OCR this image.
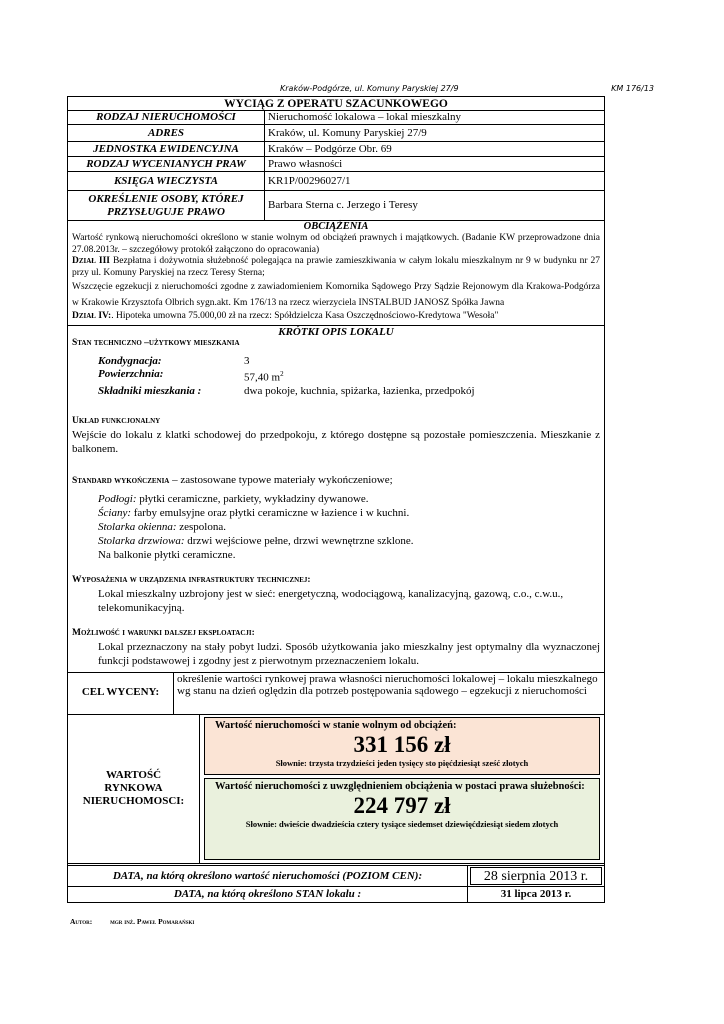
Kraków-Podgórze, ul. Komuny Paryskiej 27/9	KM 176/13
WYCIĄG Z OPERATU SZACUNKOWEGO
RODZAJ NIERUCHOMOŚCI	Nieruchomość lokalowa – lokal mieszkalny
ADRES	Kraków, ul. Komuny Paryskiej 27/9
JEDNOSTKA EWIDENCYJNA	Kraków – Podgórze Obr. 69
RODZAJ WYCENIANYCH PRAW	Prawo własności
KSIĘGA WIECZYSTA	KR1P/00296027/1
OKREŚLENIE OSOBY, KTÓREJ
PRZYSŁUGUJE PRAWO
Barbara Sterna c. Jerzego i Teresy
OBCIĄŻENIA

Wartość rynkową nieruchomości określono w stanie wolnym od obciążeń prawnych i majątkowych. (Badanie KW przeprowadzone dnia 27.08.2013r. – szczegółowy protokół załączono do opracowania)

Dział III Bezpłatna i dożywotnia służebność polegająca na prawie zamieszkiwania w całym lokalu mieszkalnym nr 9 w budynku nr 27 przy ul. Komuny Paryskiej na rzecz Teresy Sterna;

Wszczęcie egzekucji z nieruchomości zgodne z zawiadomieniem Komornika Sądowego Przy Sądzie Rejonowym dla Krakowa-Podgórza w Krakowie Krzysztofa Olbrich sygn.akt. Km 176/13 na rzecz wierzyciela INSTALBUD JANOSZ Spółka Jawna

Dział IV:. Hipoteka umowna 75.000,00 zł na rzecz: Spółdzielcza Kasa Oszczędnościowo-Kredytowa "Wesoła"

KRÓTKI OPIS LOKALU
Stan techniczno –użytkowy mieszkania
Kondygnacja:	3
Powierzchnia:	57,40 $m^2$
Składniki mieszkania :	dwa pokoje, kuchnia, spiżarka, łazienka, przedpokój
Układ funkcjonalny
Wejście do lokalu z klatki schodowej do przedpokoju, z którego dostępne są pozostałe pomieszczenia. Mieszkanie z balkonem.
Standard wykończenia – zastosowane typowe materiały wykończeniowe;
Podłogi: płytki ceramiczne, parkiety, wykładziny dywanowe.
Ściany: farby emulsyjne oraz płytki ceramiczne w łazience i w kuchni.
Stolarka okienna: zespolona.
Stolarka drzwiowa: drzwi wejściowe pełne, drzwi wewnętrzne szklone.
Na balkonie płytki ceramiczne.
Wyposażenia w urządzenia infrastruktury technicznej:
Lokal mieszkalny uzbrojony jest w sieć: energetyczną, wodociągową, kanalizacyjną, gazową, c.o., c.w.u., telekomunikacyjną.
Możliwość i warunki dalszej eksploatacji:
Lokal przeznaczony na stały pobyt ludzi. Sposób użytkowania jako mieszkalny jest optymalny dla wyznaczonej funkcji podstawowej i zgodny jest z pierwotnym przeznaczeniem lokalu.
CEL WYCENY:
określenie wartości rynkowej prawa własności nieruchomości lokalowej – lokalu mieszkalnego wg stanu na dzień oględzin dla potrzeb postępowania sądowego – egzekucji z nieruchomości
WARTOŚĆ
RYNKOWA
NIERUCHOMOSCI:
Wartość nieruchomości w stanie wolnym od obciążeń:
331 156 zł
Słownie: trzysta trzydzieści jeden tysięcy sto pięćdziesiąt sześć złotych
Wartość nieruchomości z uwzględnieniem obciążenia w postaci prawa służebności:
224 797 zł
Słownie: dwieście dwadzieścia cztery tysiące siedemset dziewięćdziesiąt siedem złotych
DATA, na którą określono wartość nieruchomości (POZIOM CEN):	28 sierpnia 2013 r.
DATA, na którą określono STAN lokalu :	31 lipca 2013 r.
Autor: mgr inż. Paweł Pomarański
